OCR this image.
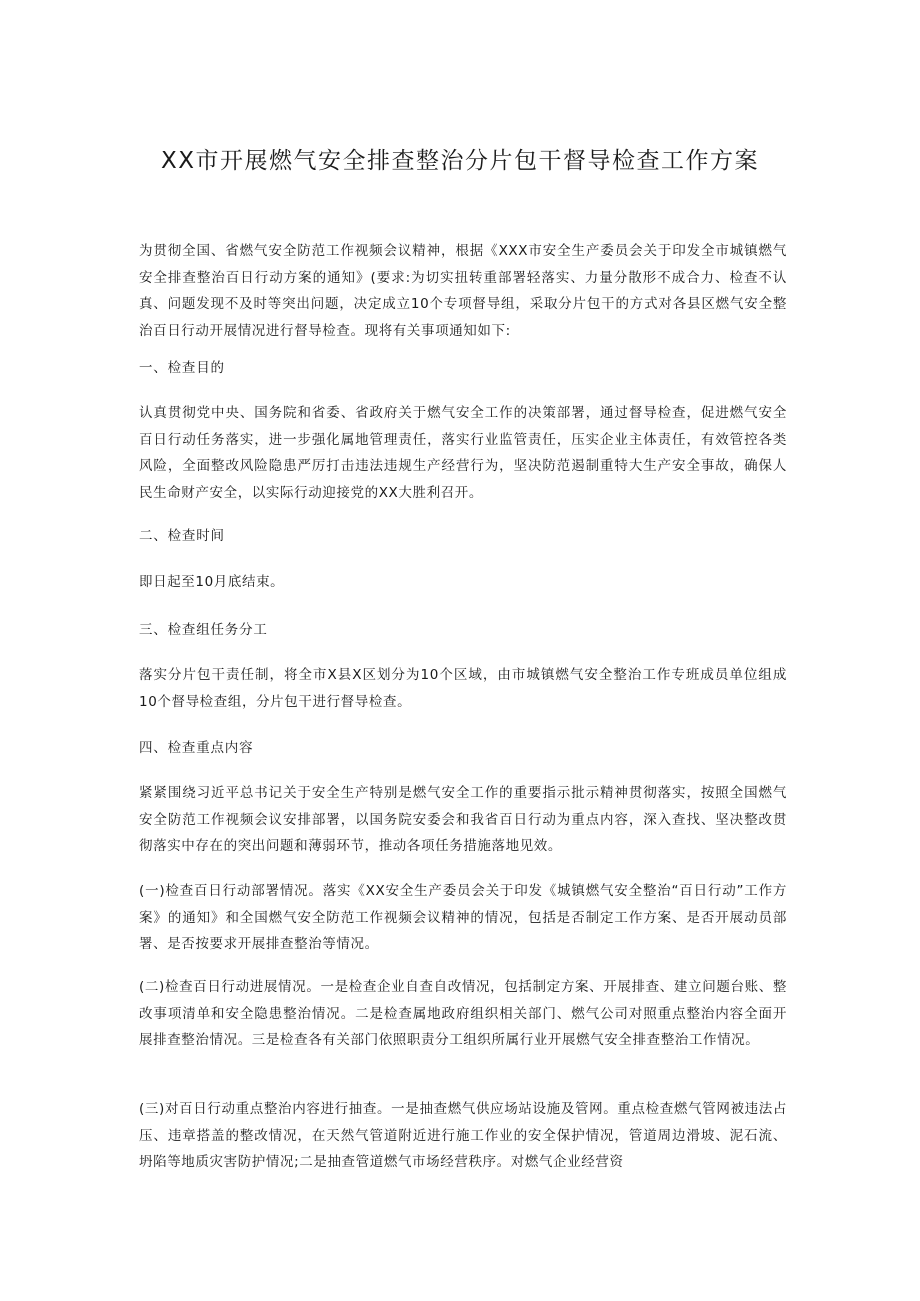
XX市开展燃气安全排查整治分片包干督导检查工作方案

为贯彻全国、省燃气安全防范工作视频会议精神，根据《XXX市安全生产委员会关于印发全市城镇燃气安全排查整治百日行动方案的通知》(要求:为切实扭转重部署轻落实、力量分散形不成合力、检查不认真、问题发现不及时等突出问题，决定成立10个专项督导组，采取分片包干的方式对各县区燃气安全整治百日行动开展情况进行督导检查。现将有关事项通知如下:

一、检查目的

认真贯彻党中央、国务院和省委、省政府关于燃气安全工作的决策部署，通过督导检查，促进燃气安全百日行动任务落实，进一步强化属地管理责任，落实行业监管责任，压实企业主体责任，有效管控各类风险，全面整改风险隐患严厉打击违法违规生产经营行为，坚决防范遏制重特大生产安全事故，确保人民生命财产安全，以实际行动迎接党的XX大胜利召开。

二、检查时间

即日起至10月底结束。

三、检查组任务分工

落实分片包干责任制，将全市X县X区划分为10个区域，由市城镇燃气安全整治工作专班成员单位组成10个督导检查组，分片包干进行督导检查。

四、检查重点内容

紧紧围绕习近平总书记关于安全生产特别是燃气安全工作的重要指示批示精神贯彻落实，按照全国燃气安全防范工作视频会议安排部署，以国务院安委会和我省百日行动为重点内容，深入查找、坚决整改贯彻落实中存在的突出问题和薄弱环节，推动各项任务措施落地见效。

(一)检查百日行动部署情况。落实《XX安全生产委员会关于印发《城镇燃气安全整治“百日行动”工作方案》的通知》和全国燃气安全防范工作视频会议精神的情况，包括是否制定工作方案、是否开展动员部署、是否按要求开展排查整治等情况。

(二)检查百日行动进展情况。一是检查企业自查自改情况，包括制定方案、开展排查、建立问题台账、整改事项清单和安全隐患整治情况。二是检查属地政府组织相关部门、燃气公司对照重点整治内容全面开展排查整治情况。三是检查各有关部门依照职责分工组织所属行业开展燃气安全排查整治工作情况。

(三)对百日行动重点整治内容进行抽查。一是抽查燃气供应场站设施及管网。重点检查燃气管网被违法占压、违章搭盖的整改情况，在天然气管道附近进行施工作业的安全保护情况，管道周边滑坡、泥石流、坍陷等地质灾害防护情况;二是抽查管道燃气市场经营秩序。对燃气企业经营资
